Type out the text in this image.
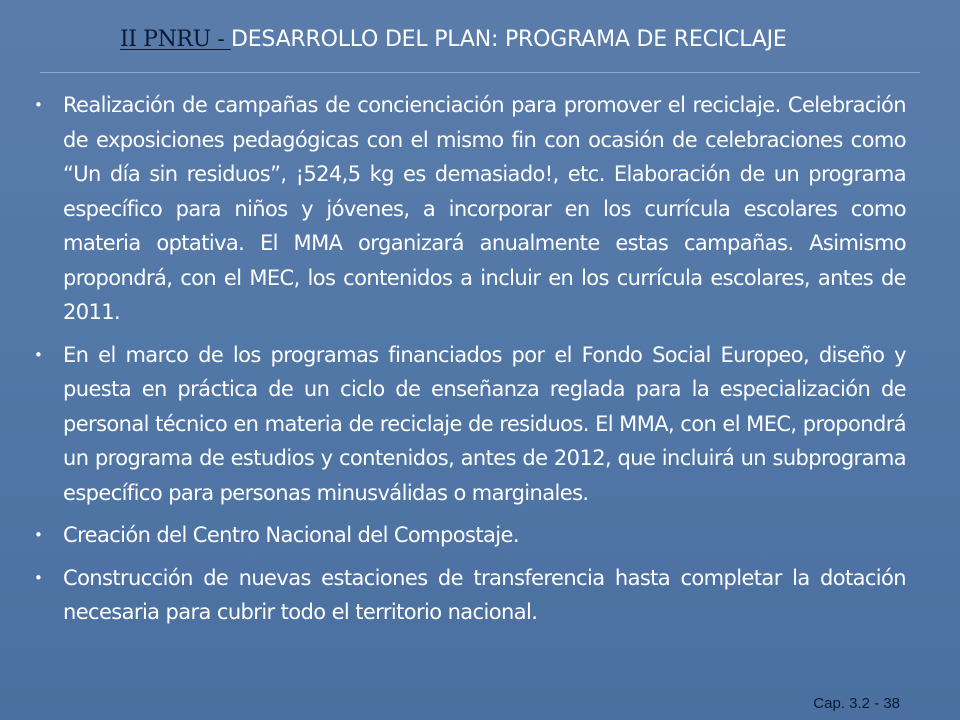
II PNRU - DESARROLLO DEL PLAN: PROGRAMA DE RECICLAJE
• Realización de campañas de concienciación para promover el reciclaje. Celebración de exposiciones pedagógicas con el mismo fin con ocasión de celebraciones como “Un día sin residuos”, ¡524,5 kg es demasiado!, etc. Elaboración de un programa específico para niños y jóvenes, a incorporar en los currícula escolares como materia optativa. El MMA organizará anualmente estas campañas. Asimismo propondrá, con el MEC, los contenidos a incluir en los currícula escolares, antes de 2011.
• En el marco de los programas financiados por el Fondo Social Europeo, diseño y puesta en práctica de un ciclo de enseñanza reglada para la especialización de personal técnico en materia de reciclaje de residuos. El MMA, con el MEC, propondrá un programa de estudios y contenidos, antes de 2012, que incluirá un subprograma específico para personas minusválidas o marginales.
• Creación del Centro Nacional del Compostaje.
• Construcción de nuevas estaciones de transferencia hasta completar la dotación necesaria para cubrir todo el territorio nacional.
Cap. 3.2 - 38
